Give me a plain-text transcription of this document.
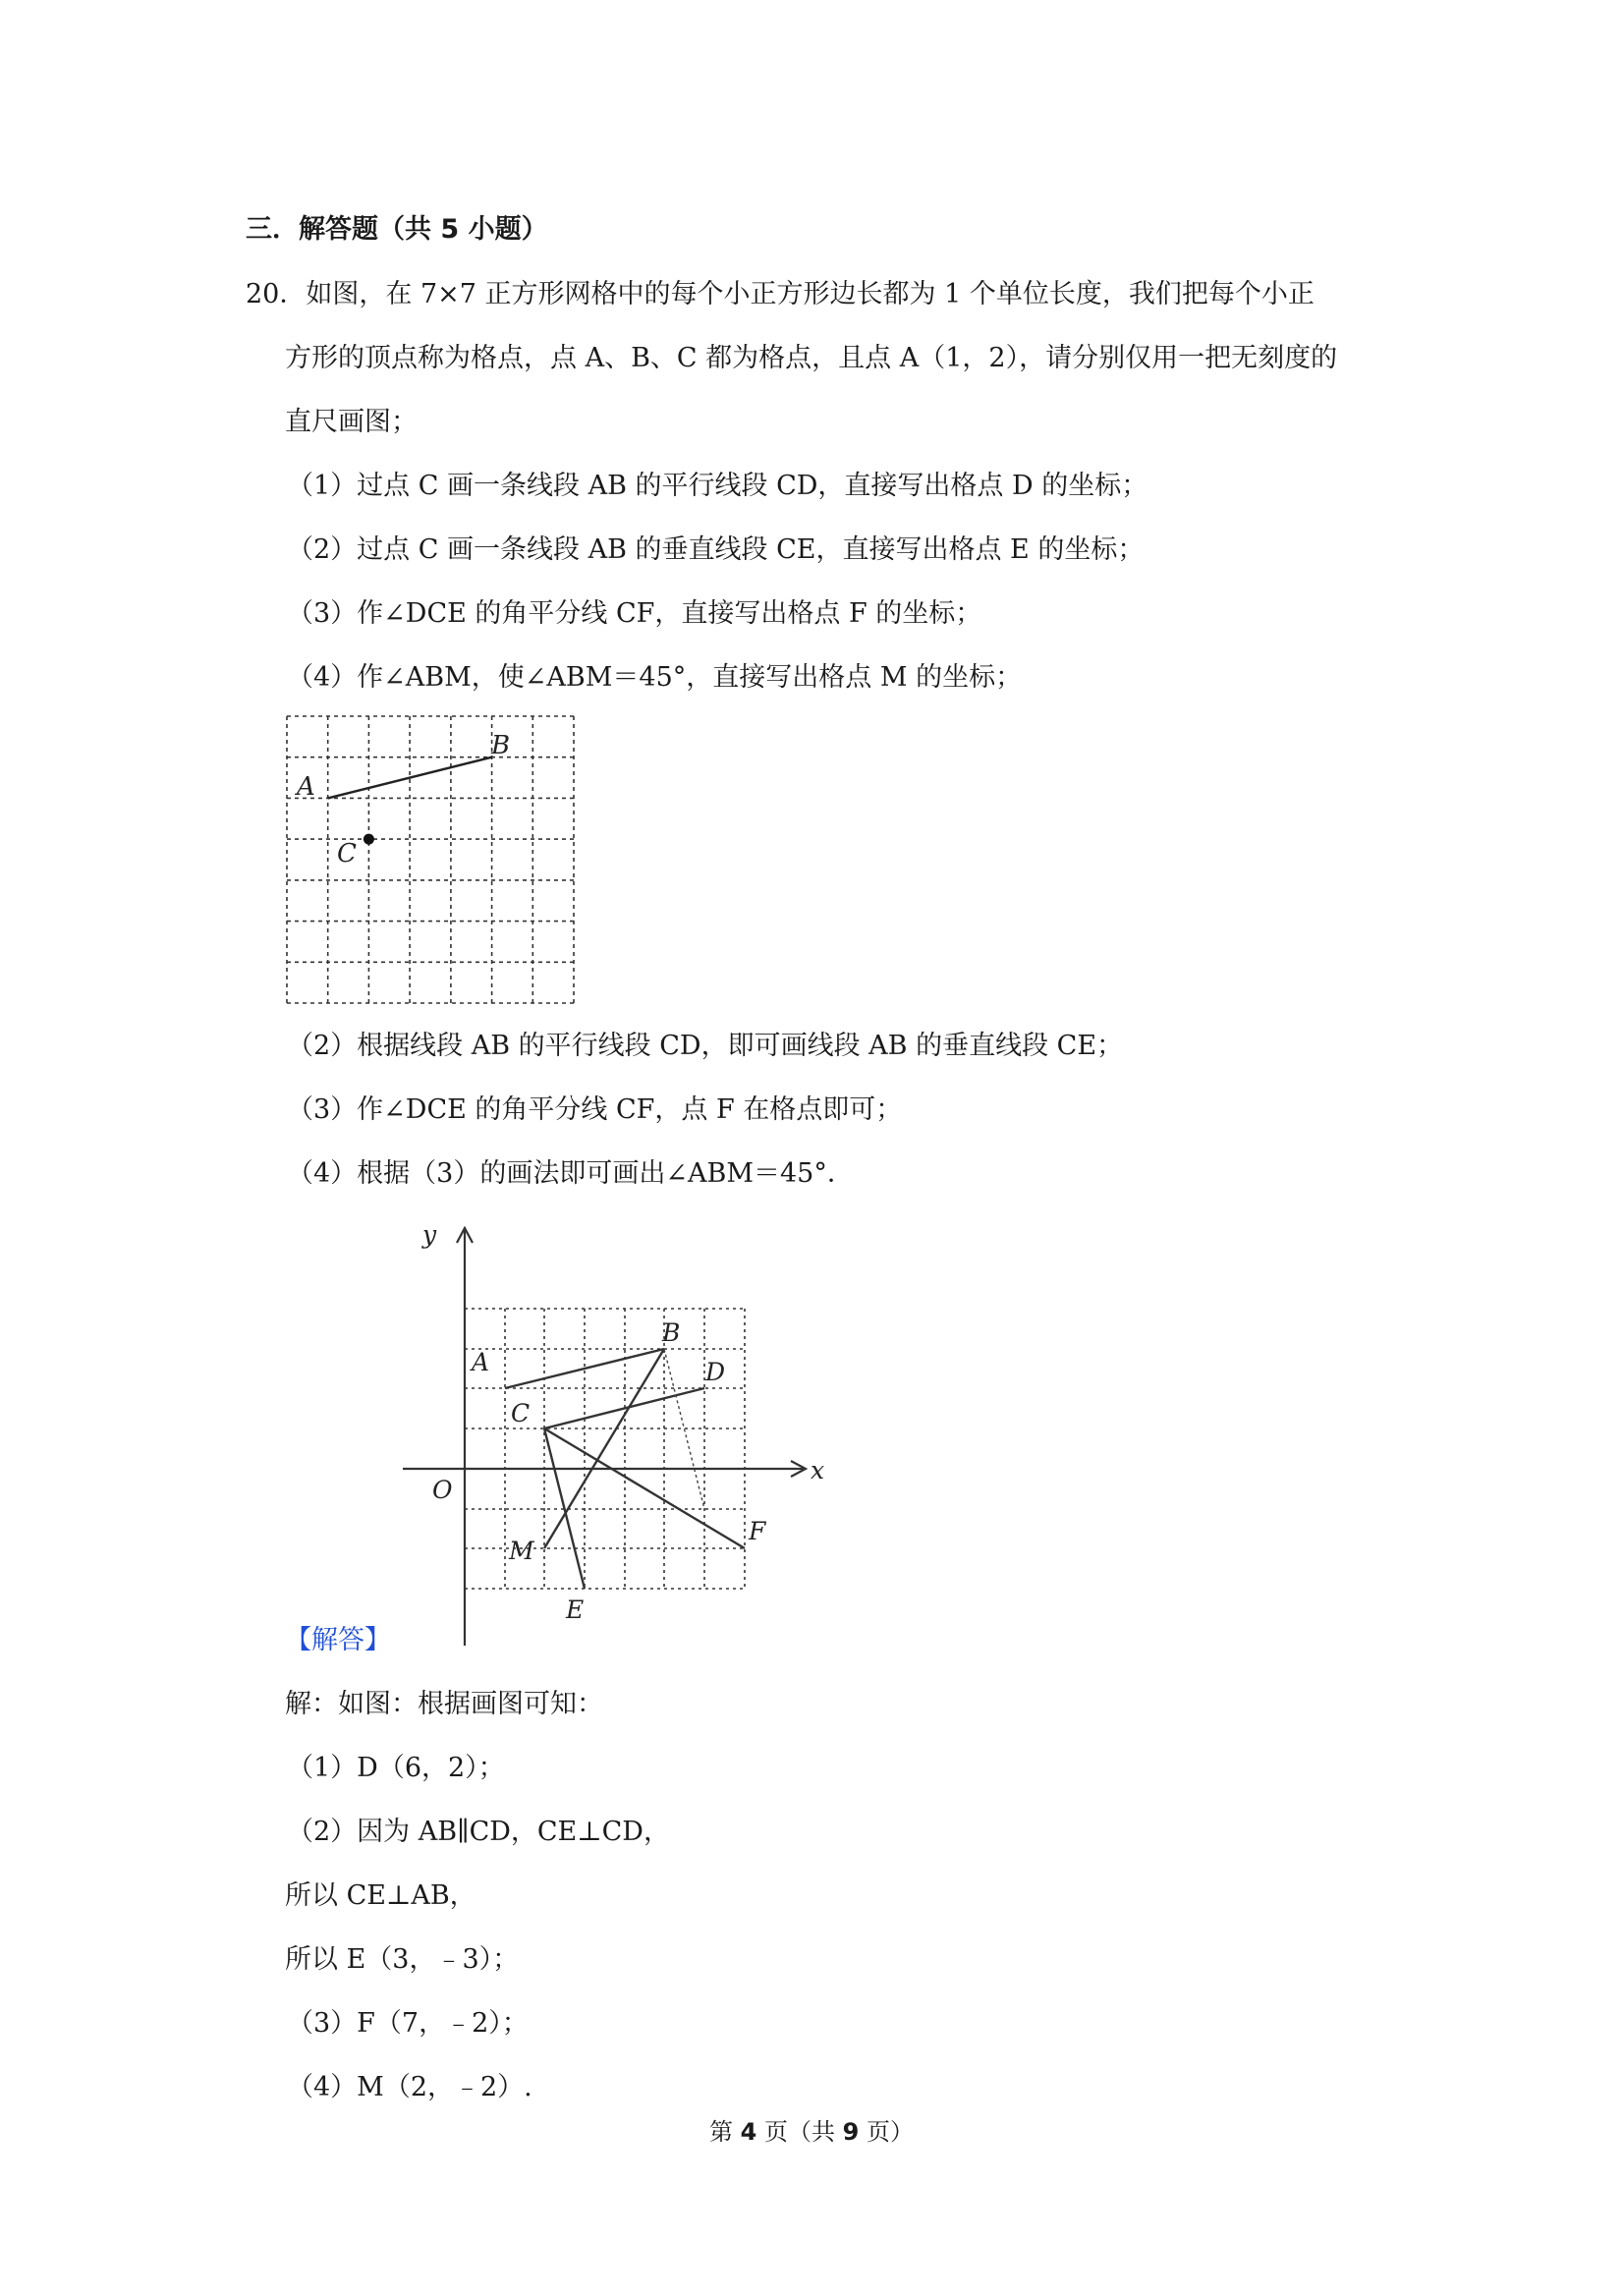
三．解答题（共 5 小题）
20．如图，在 7×7 正方形网格中的每个小正方形边长都为 1 个单位长度，我们把每个小正
方形的顶点称为格点，点 A、B、C 都为格点，且点 A（1，2），请分别仅用一把无刻度的
直尺画图；
（1）过点 C 画一条线段 AB 的平行线段 CD，直接写出格点 D 的坐标；
（2）过点 C 画一条线段 AB 的垂直线段 CE，直接写出格点 E 的坐标；
（3）作∠DCE 的角平分线 CF，直接写出格点 F 的坐标；
（4）作∠ABM，使∠ABM＝45°，直接写出格点 M 的坐标；
A
B
C
（2）根据线段 AB 的平行线段 CD，即可画线段 AB 的垂直线段 CE；
（3）作∠DCE 的角平分线 CF，点 F 在格点即可；
（4）根据（3）的画法即可画出∠ABM＝45°．
y
x
O
A
B
C
D
E
F
M
【解答】
解：如图：根据画图可知：
（1）D（6，2）；
（2）因为 AB∥CD，CE⊥CD，
所以 CE⊥AB，
所以 E（3，﹣3）；
（3）F（7，﹣2）；
（4）M（2，﹣2）.
第 4 页（共 9 页）
